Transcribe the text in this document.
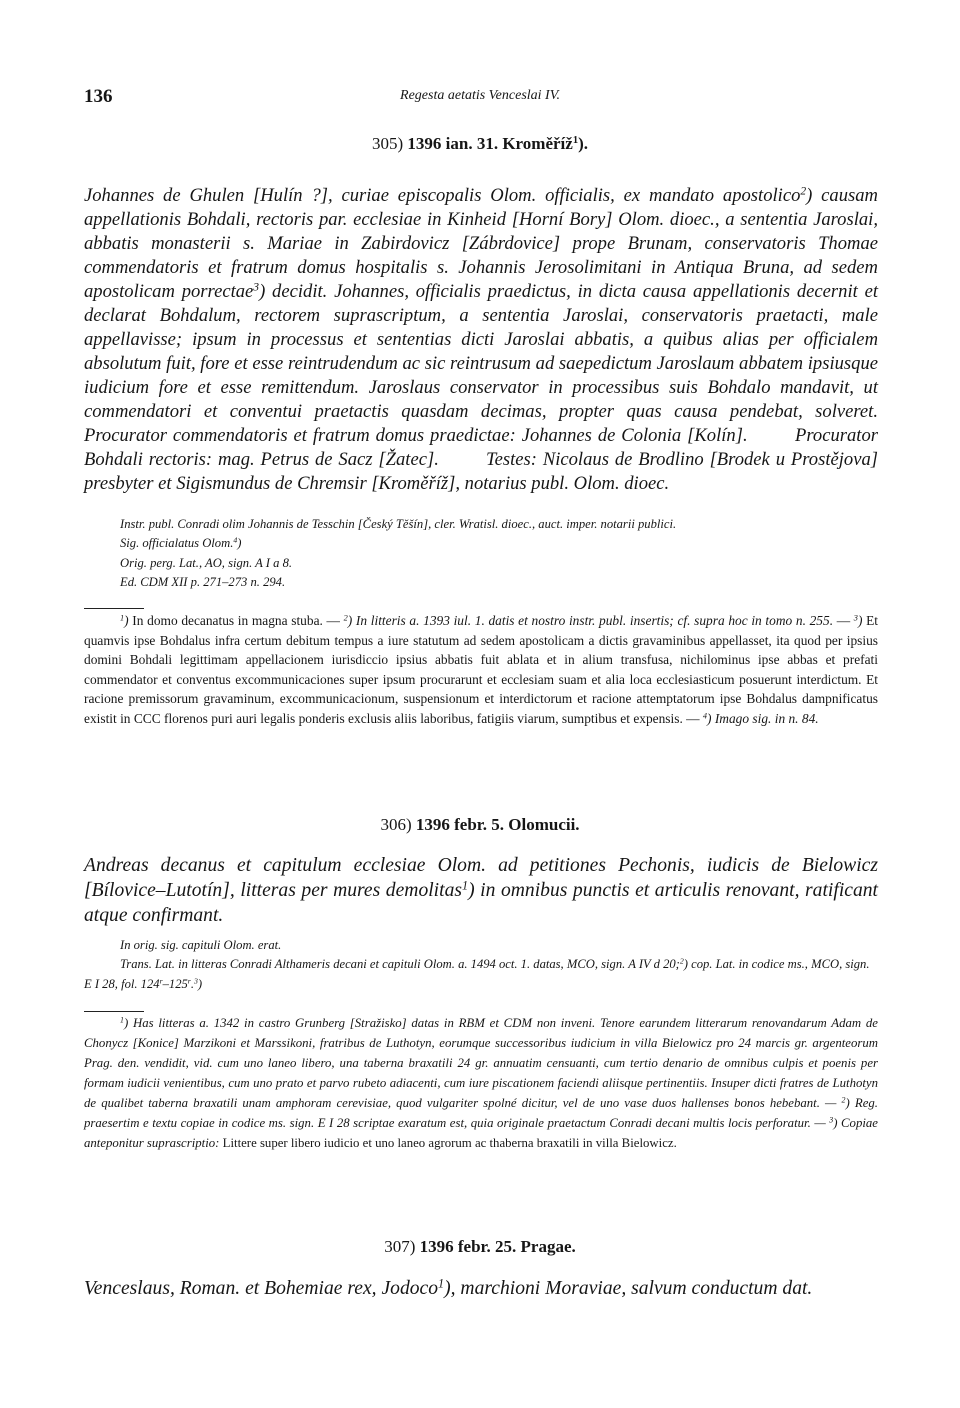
136	Regesta aetatis Venceslai IV.
305) 1396 ian. 31. Kroměříž$^1$).

Johannes de Ghulen [Hulín ?], curiae episcopalis Olom. officialis, ex mandato apostolico$^2$) causam appellationis Bohdali, rectoris par. ecclesiae in Kinheid [Horní Bory] Olom. dioec., a sententia Jaroslai, abbatis monasterii s. Mariae in Zabirdovicz [Zábrdovice] prope Brunam, conservatoris Thomae commendatoris et fratrum domus hospitalis s. Johannis Jerosolimitani in Antiqua Bruna, ad sedem apostolicam porrectae$^3$) decidit. Johannes, officialis praedictus, in dicta causa appellationis decernit et declarat Bohdalum, rectorem suprascriptum, a sententia Jaroslai, conservatoris praetacti, male appellavisse; ipsum in processus et sententias dicti Jaroslai abbatis, a quibus alias per officialem absolutum fuit, fore et esse reintrudendum ac sic reintrusum ad saepedictum Jaroslaum abbatem ipsiusque iudicium fore et esse remittendum. Jaroslaus conservator in processibus suis Bohdalo mandavit, ut commendatori et conventui praetactis quasdam decimas, propter quas causa pendebat, solveret.        Procurator commendatoris et fratrum domus praedictae: Johannes de Colonia [Kolín].        Procurator Bohdali rectoris: mag. Petrus de Sacz [Žatec].        Testes: Nicolaus de Brodlino [Brodek u Prostějova] presbyter et Sigismundus de Chremsir [Kroměříž], notarius publ. Olom. dioec.

Instr. publ. Conradi olim Johannis de Tesschin [Český Těšín], cler. Wratisl. dioec., auct. imper. notarii publici.
Sig. officialatus Olom.$^4$)
Orig. perg. Lat., AO, sign. A I a 8.
Ed. CDM XII p. 271–273 n. 294.

$^1$) In domo decanatus in magna stuba. — $^2$) In litteris a. 1393 iul. 1. datis et nostro instr. publ. insertis; cf. supra hoc in tomo n. 255. — $^3$) Et quamvis ipse Bohdalus infra certum debitum tempus a iure statutum ad sedem apostolicam a dictis gravaminibus appellasset, ita quod per ipsius domini Bohdali legittimam appellacionem iurisdiccio ipsius abbatis fuit ablata et in alium transfusa, nichilominus ipse abbas et prefati commendator et conventus excommunicaciones super ipsum procurarunt et ecclesiam suam et alia loca ecclesiasticum posuerunt interdictum. Et racione premissorum gravaminum, excommunicacionum, suspensionum et interdictorum et racione attemptatorum ipse Bohdalus dampnificatus existit in CCC florenos puri auri legalis ponderis exclusis aliis laboribus, fatigiis viarum, sumptibus et expensis. — $^4$) Imago sig. in n. 84.

306) 1396 febr. 5. Olomucii.

Andreas decanus et capitulum ecclesiae Olom. ad petitiones Pechonis, iudicis de Bielowicz [Bílovice–Lutotín], litteras per mures demolitas$^1$) in omnibus punctis et articulis renovant, ratificant atque confirmant.

In orig. sig. capituli Olom. erat.
Trans. Lat. in litteras Conradi Althameris decani et capituli Olom. a. 1494 oct. 1. datas, MCO, sign. A IV d 20;$^2$) cop. Lat. in codice ms., MCO, sign. E I 28, fol. 124$^r$–125$^r$.$^3$)

$^1$) Has litteras a. 1342 in castro Grunberg [Stražisko] datas in RBM et CDM non inveni. Tenore earundem litterarum renovandarum Adam de Chonycz [Konice] Marzikoni et Marssikoni, fratribus de Luthotyn, eorumque successoribus iudicium in villa Bielowicz pro 24 marcis gr. argenteorum Prag. den. vendidit, vid. cum uno laneo libero, una taberna braxatili 24 gr. annuatim censuanti, cum tertio denario de omnibus culpis et poenis per formam iudicii venientibus, cum uno prato et parvo rubeto adiacenti, cum iure piscationem faciendi aliisque pertinentiis. Insuper dicti fratres de Luthotyn de qualibet taberna braxatili unam amphoram cerevisiae, quod vulgariter spolné dicitur, vel de uno vase duos hallenses bonos hebebant. — $^2$) Reg. praesertim e textu copiae in codice ms. sign. E I 28 scriptae exaratum est, quia originale praetactum Conradi decani multis locis perforatur. — $^3$) Copiae anteponitur suprascriptio: Littere super libero iudicio et uno laneo agrorum ac thaberna braxatili in villa Bielowicz.

307) 1396 febr. 25. Pragae.

Venceslaus, Roman. et Bohemiae rex, Jodoco$^1$), marchioni Moraviae, salvum conductum dat.
